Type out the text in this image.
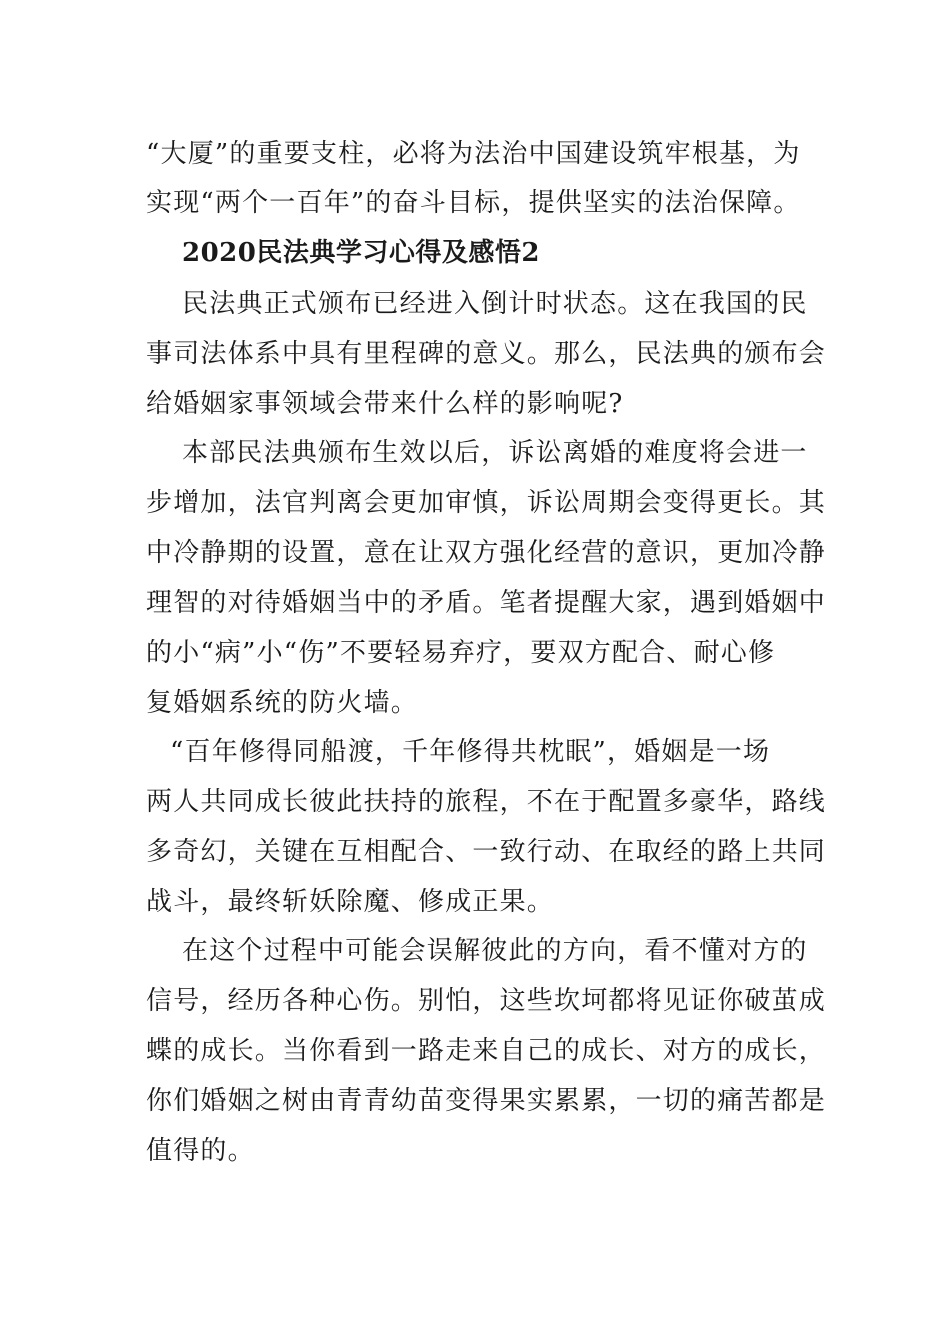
“大厦”的重要支柱，必将为法治中国建设筑牢根基，为
实现“两个一百年”的奋斗目标，提供坚实的法治保障。
2020民法典学习心得及感悟2
民法典正式颁布已经进入倒计时状态。这在我国的民
事司法体系中具有里程碑的意义。那么，民法典的颁布会
给婚姻家事领域会带来什么样的影响呢?
本部民法典颁布生效以后，诉讼离婚的难度将会进一
步增加，法官判离会更加审慎，诉讼周期会变得更长。其
中冷静期的设置，意在让双方强化经营的意识，更加冷静
理智的对待婚姻当中的矛盾。笔者提醒大家，遇到婚姻中
的小“病”小“伤”不要轻易弃疗，要双方配合、耐心修
复婚姻系统的防火墙。
“百年修得同船渡，千年修得共枕眠”，婚姻是一场
两人共同成长彼此扶持的旅程，不在于配置多豪华，路线
多奇幻，关键在互相配合、一致行动、在取经的路上共同
战斗，最终斩妖除魔、修成正果。
在这个过程中可能会误解彼此的方向，看不懂对方的
信号，经历各种心伤。别怕，这些坎坷都将见证你破茧成
蝶的成长。当你看到一路走来自己的成长、对方的成长，
你们婚姻之树由青青幼苗变得果实累累，一切的痛苦都是
值得的。
